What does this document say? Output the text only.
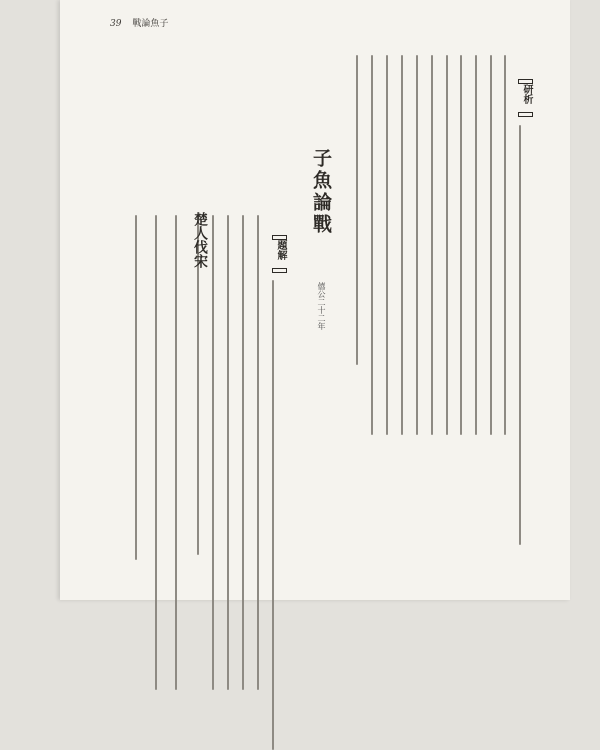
39 戰論魚子
研析
子魚論戰
僖公二十二年
題解
楚人伐宋
